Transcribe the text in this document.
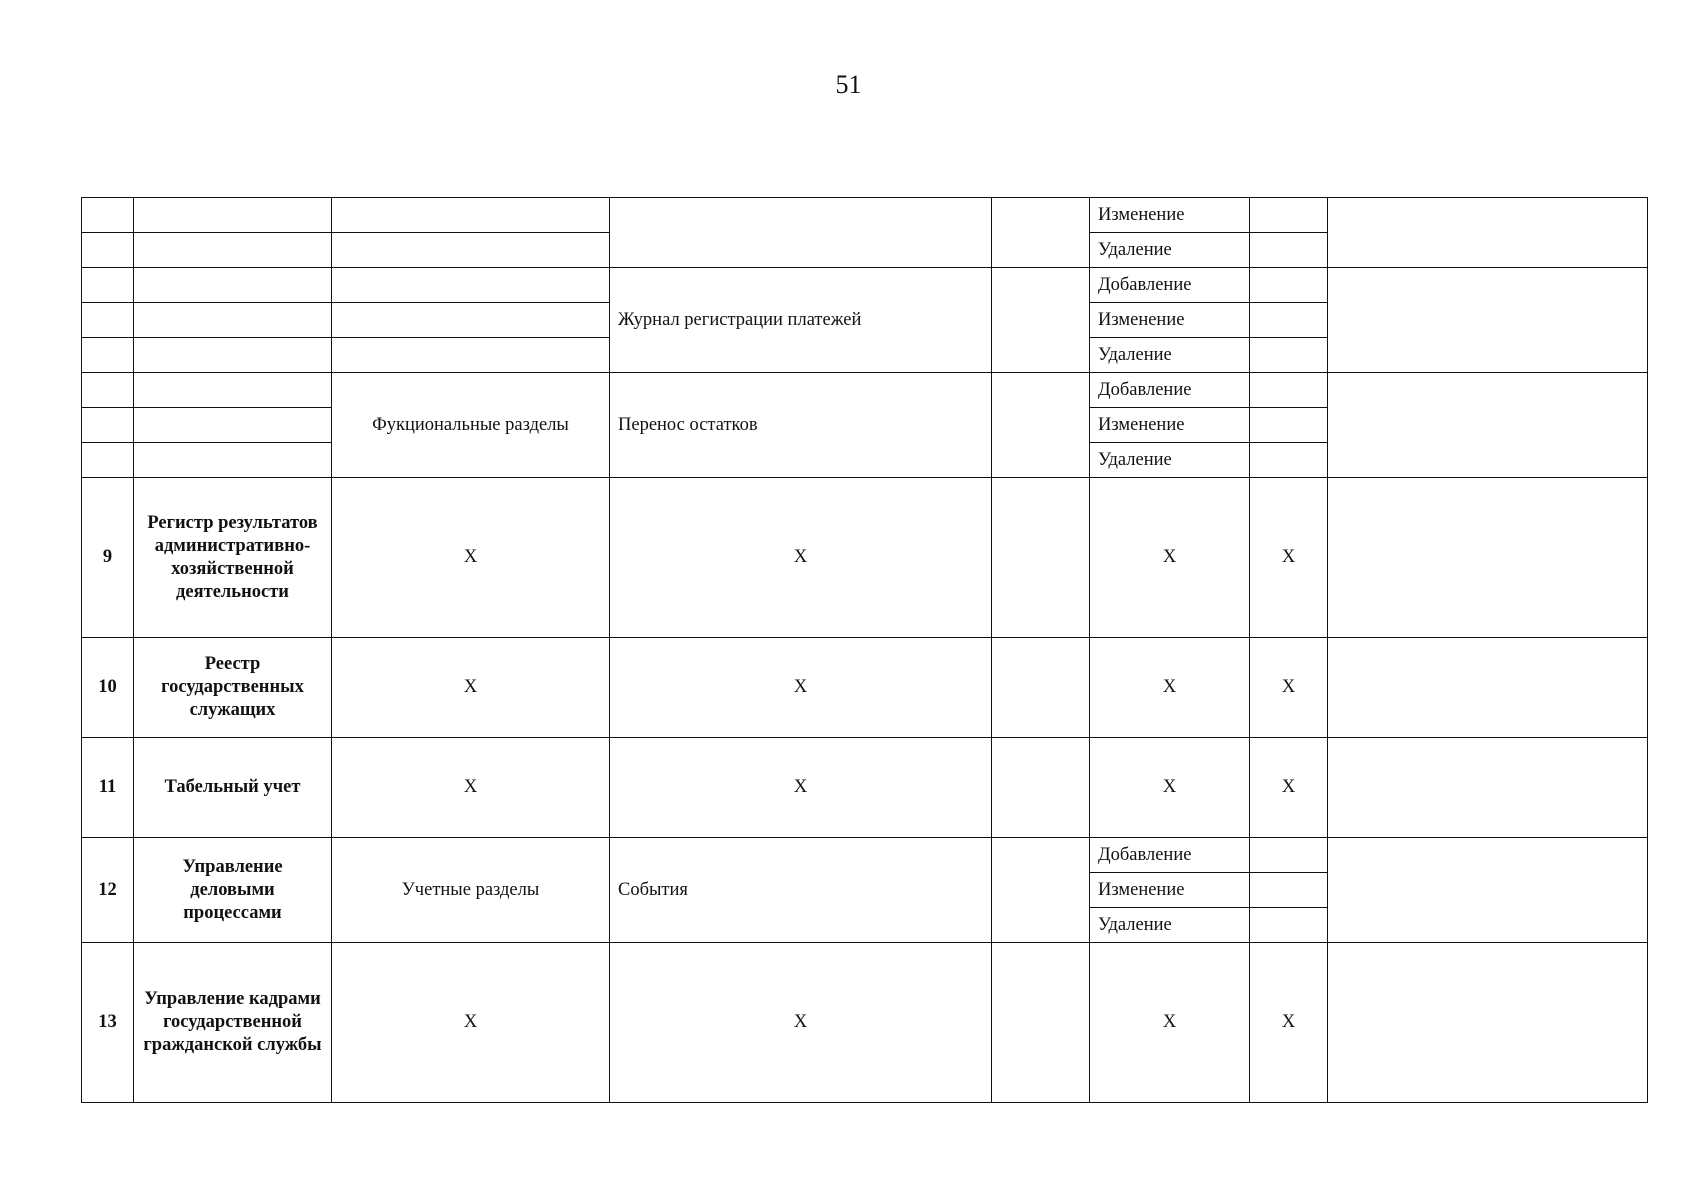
51
					Изменение		
					Удаление		
			Журнал регистрации платежей		Добавление		
					Изменение		
					Удаление		
		Фукциональные разделы	Перенос остатков		Добавление		
					Изменение		
					Удаление		
9	Регистр результатов административно-хозяйственной деятельности	Х	Х		Х	Х	
10	Реестр государственных служащих	Х	Х		Х	Х	
11	Табельный учет	Х	Х		Х	Х	
12	Управление деловыми процессами	Учетные разделы	События		Добавление		
					Изменение		
					Удаление		
13	Управление кадрами государственной гражданской службы	Х	Х		Х	Х	
